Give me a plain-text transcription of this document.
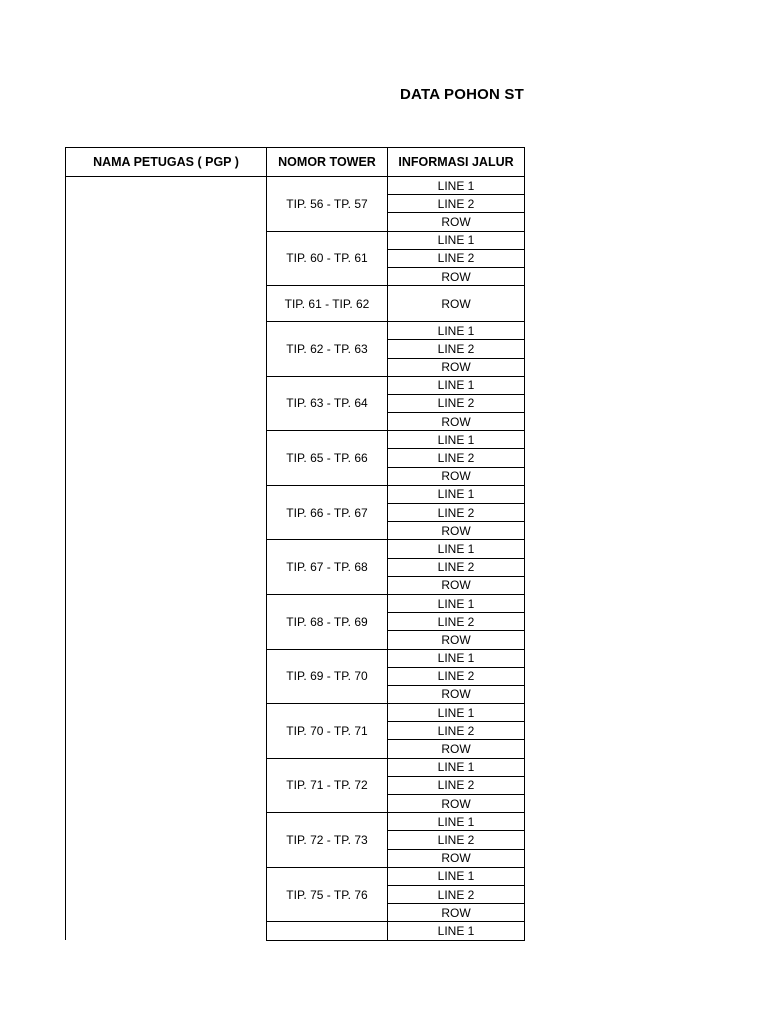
DATA POHON ST
NAMA PETUGAS ( PGP )	NOMOR TOWER	INFORMASI JALUR
	TIP. 56 - TP. 57	LINE 1
		LINE 2
		ROW
	TIP. 60 - TP. 61	LINE 1
		LINE 2
		ROW
	TIP. 61 - TIP. 62	ROW
	TIP. 62 - TP. 63	LINE 1
		LINE 2
		ROW
	TIP. 63 - TP. 64	LINE 1
		LINE 2
		ROW
	TIP. 65 - TP. 66	LINE 1
		LINE 2
		ROW
	TIP. 66 - TP. 67	LINE 1
		LINE 2
		ROW
	TIP. 67 - TP. 68	LINE 1
		LINE 2
		ROW
	TIP. 68 - TP. 69	LINE 1
		LINE 2
		ROW
	TIP. 69 - TP. 70	LINE 1
		LINE 2
		ROW
	TIP. 70 - TP. 71	LINE 1
		LINE 2
		ROW
	TIP. 71 - TP. 72	LINE 1
		LINE 2
		ROW
	TIP. 72 - TP. 73	LINE 1
		LINE 2
		ROW
	TIP. 75 - TP. 76	LINE 1
		LINE 2
		ROW
		LINE 1
